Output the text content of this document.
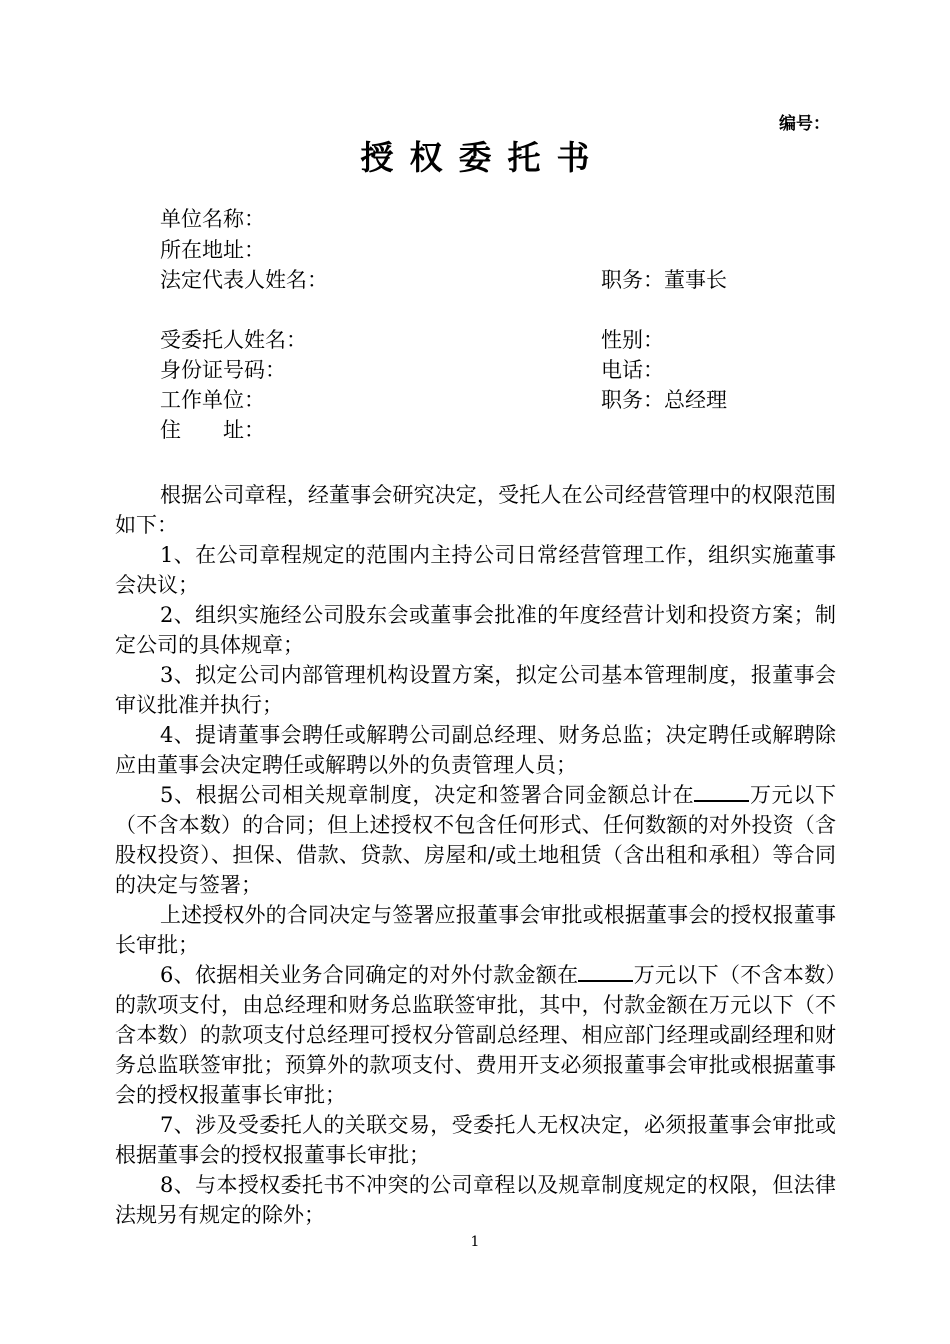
编号：
授权委托书
单位名称：
所在地址：
法定代表人姓名：	职务：董事长
受委托人姓名：	性别：
身份证号码：	电话：
工作单位：	职务：总经理
住　　址：

根据公司章程，经董事会研究决定，受托人在公司经营管理中的权限范围如下：

1、在公司章程规定的范围内主持公司日常经营管理工作，组织实施董事会决议；

2、组织实施经公司股东会或董事会批准的年度经营计划和投资方案；制定公司的具体规章；

3、拟定公司内部管理机构设置方案，拟定公司基本管理制度，报董事会审议批准并执行；

4、提请董事会聘任或解聘公司副总经理、财务总监；决定聘任或解聘除应由董事会决定聘任或解聘以外的负责管理人员；

5、根据公司相关规章制度，决定和签署合同金额总计在	万元以下（不含本数）的合同；但上述授权不包含任何形式、任何数额的对外投资（含股权投资）、担保、借款、贷款、房屋和/或土地租赁（含出租和承租）等合同的决定与签署；

上述授权外的合同决定与签署应报董事会审批或根据董事会的授权报董事长审批；

6、依据相关业务合同确定的对外付款金额在	万元以下（不含本数）的款项支付，由总经理和财务总监联签审批，其中，付款金额在万元以下（不含本数）的款项支付总经理可授权分管副总经理、相应部门经理或副经理和财务总监联签审批；预算外的款项支付、费用开支必须报董事会审批或根据董事会的授权报董事长审批；

7、涉及受委托人的关联交易，受委托人无权决定，必须报董事会审批或根据董事会的授权报董事长审批；

8、与本授权委托书不冲突的公司章程以及规章制度规定的权限，但法律法规另有规定的除外；

1
